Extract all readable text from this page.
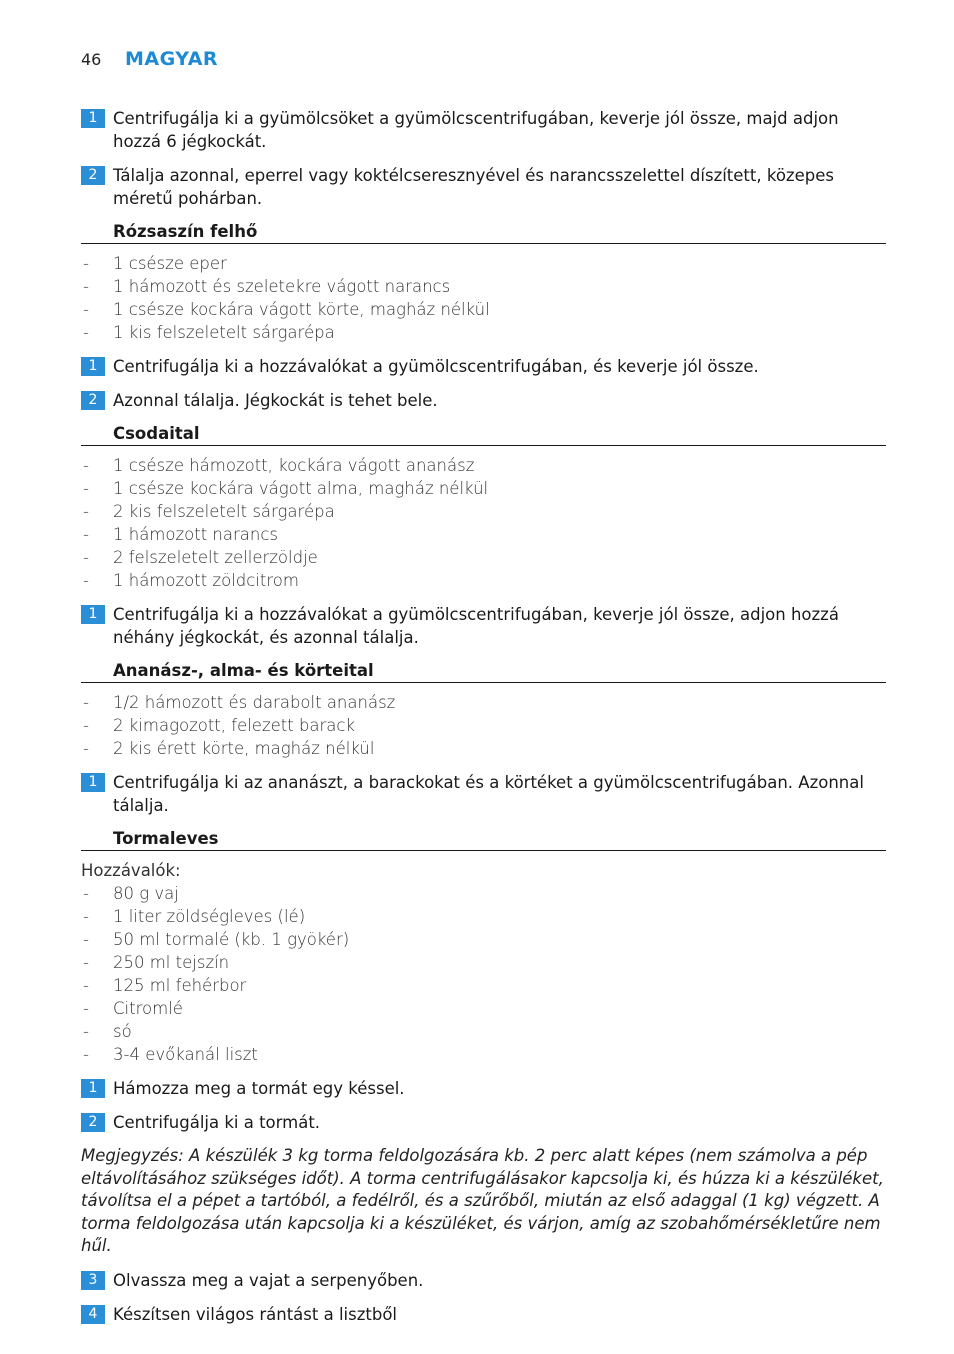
46	MAGYAR
1 Centrifugálja ki a gyümölcsöket a gyümölcscentrifugában, keverje jól össze, majd adjon hozzá 6 jégkockát.
2 Tálalja azonnal, eperrel vagy koktélcseresznyével és narancsszelettel díszített, közepes méretű pohárban.
Rózsaszín felhő
- 1 csésze eper
- 1 hámozott és szeletekre vágott narancs
- 1 csésze kockára vágott körte, magház nélkül
- 1 kis felszeletelt sárgarépa
1 Centrifugálja ki a hozzávalókat a gyümölcscentrifugában, és keverje jól össze.
2 Azonnal tálalja. Jégkockát is tehet bele.
Csodaital
- 1 csésze hámozott, kockára vágott ananász
- 1 csésze kockára vágott alma, magház nélkül
- 2 kis felszeletelt sárgarépa
- 1 hámozott narancs
- 2 felszeletelt zellerzöldje
- 1 hámozott zöldcitrom
1 Centrifugálja ki a hozzávalókat a gyümölcscentrifugában, keverje jól össze, adjon hozzá néhány jégkockát, és azonnal tálalja.
Ananász-, alma- és körteital
- 1/2 hámozott és darabolt ananász
- 2 kimagozott, felezett barack
- 2 kis érett körte, magház nélkül
1 Centrifugálja ki az ananászt, a barackokat és a körtéket a gyümölcscentrifugában. Azonnal tálalja.
Tormaleves
Hozzávalók:
- 80 g vaj
- 1 liter zöldségleves (lé)
- 50 ml tormalé (kb. 1 gyökér)
- 250 ml tejszín
- 125 ml fehérbor
- Citromlé
- só
- 3-4 evőkanál liszt
1 Hámozza meg a tormát egy késsel.
2 Centrifugálja ki a tormát.
Megjegyzés: A készülék 3 kg torma feldolgozására kb. 2 perc alatt képes (nem számolva a pép eltávolításához szükséges időt). A torma centrifugálásakor kapcsolja ki, és húzza ki a készüléket, távolítsa el a pépet a tartóból, a fedélről, és a szűrőből, miután az első adaggal (1 kg) végzett. A torma feldolgozása után kapcsolja ki a készüléket, és várjon, amíg az szobahőmérsékletűre nem hűl.
3 Olvassza meg a vajat a serpenyőben.
4 Készítsen világos rántást a lisztből
